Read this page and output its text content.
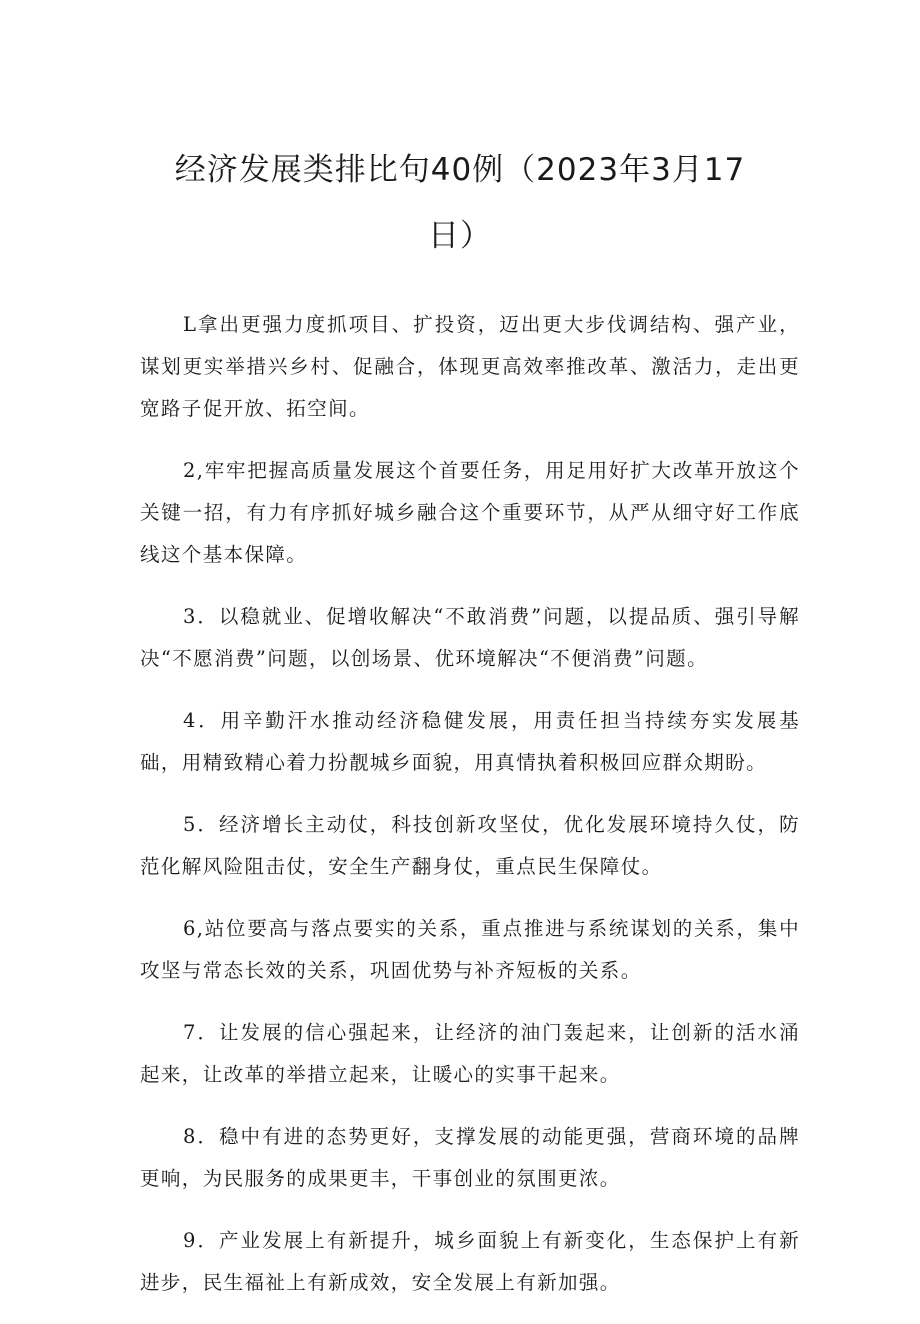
经济发展类排比句40例（2023年3月17
日）

L拿出更强力度抓项目、扩投资，迈出更大步伐调结构、强产业，谋划更实举措兴乡村、促融合，体现更高效率推改革、激活力，走出更宽路子促开放、拓空间。

2,牢牢把握高质量发展这个首要任务，用足用好扩大改革开放这个关键一招，有力有序抓好城乡融合这个重要环节，从严从细守好工作底线这个基本保障。

3．以稳就业、促增收解决“不敢消费”问题，以提品质、强引导解决“不愿消费”问题，以创场景、优环境解决“不便消费”问题。

4．用辛勤汗水推动经济稳健发展，用责任担当持续夯实发展基础，用精致精心着力扮靓城乡面貌，用真情执着积极回应群众期盼。

5．经济增长主动仗，科技创新攻坚仗，优化发展环境持久仗，防范化解风险阻击仗，安全生产翻身仗，重点民生保障仗。

6,站位要高与落点要实的关系，重点推进与系统谋划的关系，集中攻坚与常态长效的关系，巩固优势与补齐短板的关系。

7．让发展的信心强起来，让经济的油门轰起来，让创新的活水涌起来，让改革的举措立起来，让暖心的实事干起来。

8．稳中有进的态势更好，支撑发展的动能更强，营商环境的品牌更响，为民服务的成果更丰，干事创业的氛围更浓。

9．产业发展上有新提升，城乡面貌上有新变化，生态保护上有新进步，民生福祉上有新成效，安全发展上有新加强。
